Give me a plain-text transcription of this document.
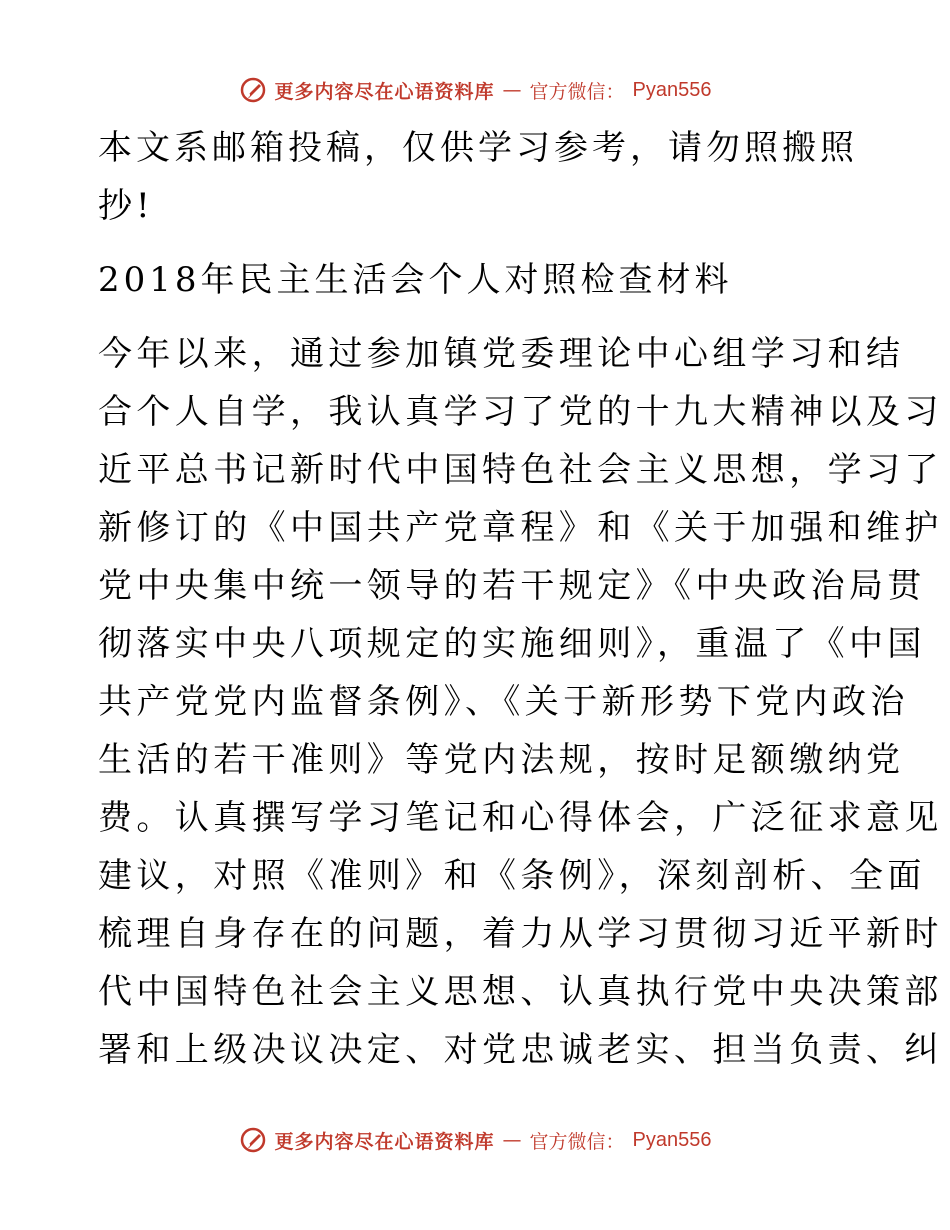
更多内容尽在心语资料库 — 官方微信： Pyan556
本文系邮箱投稿，仅供学习参考，请勿照搬照
抄!
2018年民主生活会个人对照检查材料
今年以来，通过参加镇党委理论中心组学习和结
合个人自学，我认真学习了党的十九大精神以及习
近平总书记新时代中国特色社会主义思想，学习了
新修订的《中国共产党章程》和《关于加强和维护
党中央集中统一领导的若干规定》《中央政治局贯
彻落实中央八项规定的实施细则》，重温了《中国
共产党党内监督条例》、《关于新形势下党内政治
生活的若干准则》等党内法规，按时足额缴纳党
费。认真撰写学习笔记和心得体会，广泛征求意见
建议，对照《准则》和《条例》，深刻剖析、全面
梳理自身存在的问题，着力从学习贯彻习近平新时
代中国特色社会主义思想、认真执行党中央决策部
署和上级决议决定、对党忠诚老实、担当负责、纠
更多内容尽在心语资料库 — 官方微信： Pyan556
